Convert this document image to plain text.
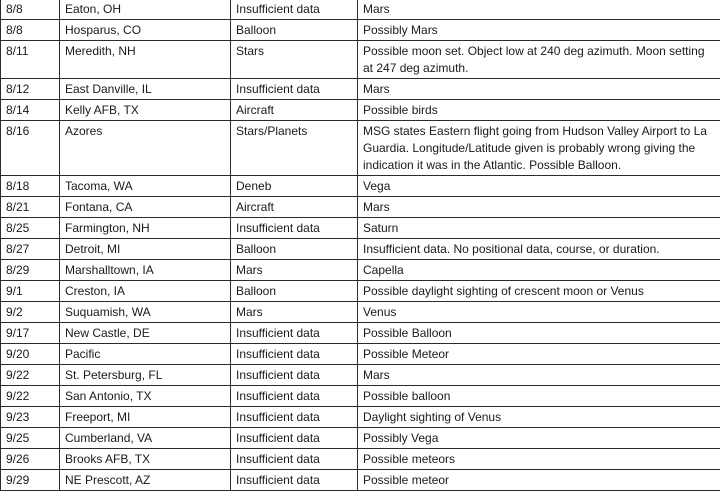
8/8	Eaton, OH	Insufficient data	Mars
8/8	Hosparus, CO	Balloon	Possibly Mars
8/11	Meredith, NH	Stars	Possible moon set. Object low at 240 deg azimuth. Moon setting at 247 deg azimuth.
8/12	East Danville, IL	Insufficient data	Mars
8/14	Kelly AFB, TX	Aircraft	Possible birds
8/16	Azores	Stars/Planets	MSG states Eastern flight going from Hudson Valley Airport to La Guardia. Longitude/Latitude given is probably wrong giving the indication it was in the Atlantic. Possible Balloon.
8/18	Tacoma, WA	Deneb	Vega
8/21	Fontana, CA	Aircraft	Mars
8/25	Farmington, NH	Insufficient data	Saturn
8/27	Detroit, MI	Balloon	Insufficient data. No positional data, course, or duration.
8/29	Marshalltown, IA	Mars	Capella
9/1	Creston, IA	Balloon	Possible daylight sighting of crescent moon or Venus
9/2	Suquamish, WA	Mars	Venus
9/17	New Castle, DE	Insufficient data	Possible Balloon
9/20	Pacific	Insufficient data	Possible Meteor
9/22	St. Petersburg, FL	Insufficient data	Mars
9/22	San Antonio, TX	Insufficient data	Possible balloon
9/23	Freeport, MI	Insufficient data	Daylight sighting of Venus
9/25	Cumberland, VA	Insufficient data	Possibly Vega
9/26	Brooks AFB, TX	Insufficient data	Possible meteors
9/29	NE Prescott, AZ	Insufficient data	Possible meteor
